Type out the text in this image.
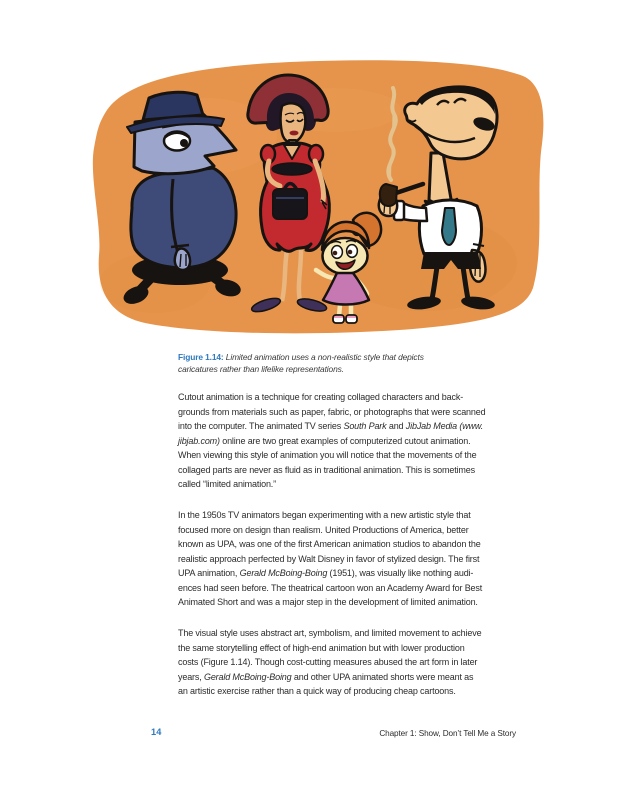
Figure 1.14: Limited animation uses a non-realistic style that depicts
caricatures rather than lifelike representations.

Cutout animation is a technique for creating collaged characters and back-
grounds from materials such as paper, fabric, or photographs that were scanned
into the computer. The animated TV series South Park and JibJab Media (www.
jibjab.com) online are two great examples of computerized cutout animation.
When viewing this style of animation you will notice that the movements of the
collaged parts are never as fluid as in traditional animation. This is sometimes
called “limited animation.”

In the 1950s TV animators began experimenting with a new artistic style that
focused more on design than realism. United Productions of America, better
known as UPA, was one of the first American animation studios to abandon the
realistic approach perfected by Walt Disney in favor of stylized design. The first
UPA animation, Gerald McBoing-Boing (1951), was visually like nothing audi-
ences had seen before. The theatrical cartoon won an Academy Award for Best
Animated Short and was a major step in the development of limited animation.

The visual style uses abstract art, symbolism, and limited movement to achieve
the same storytelling effect of high-end animation but with lower production
costs (Figure 1.14). Though cost-cutting measures abused the art form in later
years, Gerald McBoing-Boing and other UPA animated shorts were meant as
an artistic exercise rather than a quick way of producing cheap cartoons.

14	Chapter 1: Show, Don’t Tell Me a Story
